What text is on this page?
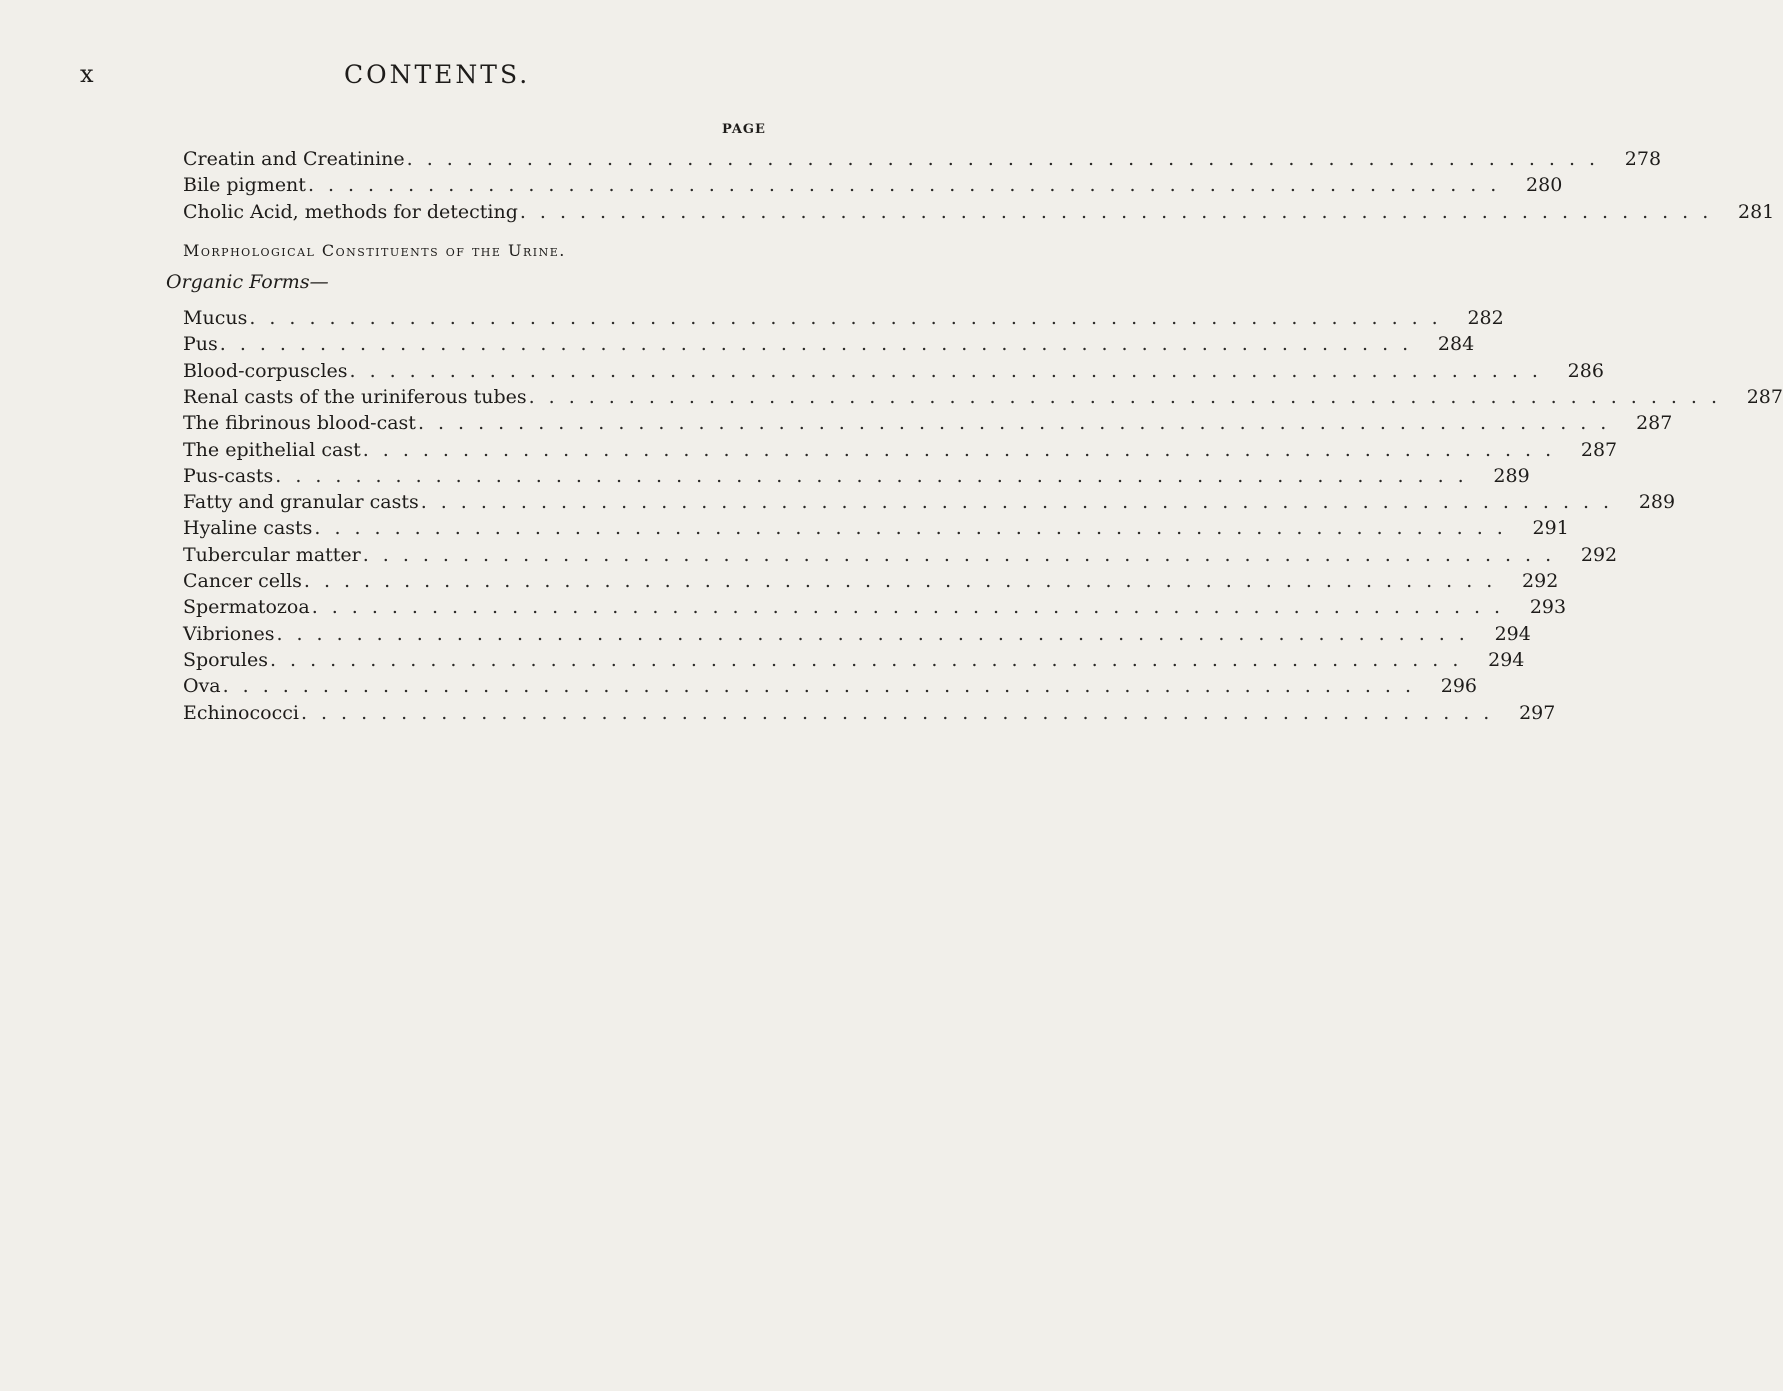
x	CONTENTS.
PAGE
Creatin and Creatinine ............................................................ 278
Bile pigment ............................................................ 280
Cholic Acid, methods for detecting ............................................................ 281
Morphological Constituents of the Urine.
Organic Forms—
Mucus ............................................................ 282
Pus ............................................................ 284
Blood-corpuscles ............................................................ 286
Renal casts of the uriniferous tubes ............................................................ 287
The fibrinous blood-cast ............................................................ 287
The epithelial cast ............................................................ 287
Pus-casts ............................................................ 289
Fatty and granular casts ............................................................ 289
Hyaline casts ............................................................ 291
Tubercular matter ............................................................ 292
Cancer cells ............................................................ 292
Spermatozoa ............................................................ 293
Vibriones ............................................................ 294
Sporules ............................................................ 294
Ova ............................................................ 296
Echinococci ............................................................ 297
